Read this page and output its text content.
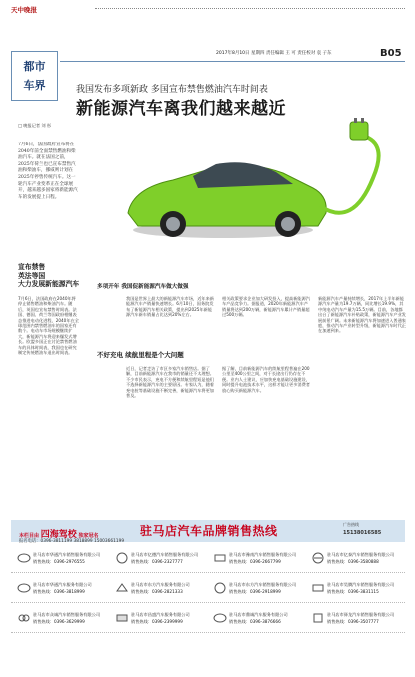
天中晚报
2017年8月10日 星期四 责任编辑 王 可 责任校对 袁 子东	B05
都市
车界	我国发布多项新政 多国宣布禁售燃油汽车时间表
新能源汽车离我们越来越近
□ 晚报记者 刘 彤
7月6日，法国政府宣布将在2040年前全面禁售燃油和柴油汽车。就在法国之前，2025年荷兰也已宣布禁售汽油和柴油车，挪威则计划在2025年停售传统汽车。这一轮汽车产业变革正在全球展开，越来越多国家将新能源汽车的发展提上日程。
宣布禁售
英法等国
大力发展新能源汽车
7月6日，法国政府在2040年将停止销售燃油和柴油汽车。随后，英国也宣布禁售时间表。法国、德国、荷兰等国政府相继表态推进电动化进程，2040年在全球范围内禁售燃油车的国家还有数个。电动车市场规模继续扩大，新能源汽车将迎来爆发式增长。欧盟多国正在讨论禁售燃油车的具体时间表，我国也在研究制定传统燃油车退出时间表。
多项开年 我国促新能源汽车做大做强
我国是世界上最大的新能源汽车市场，近年来新能源汽车产销量快速增长。6月10日，国务院发布了新能源汽车相关政策，提出到2025年新能源汽车新车销量占比达到20%左右。
相关政策要求企业加大研发投入，提高新能源汽车产品竞争力。据报道，2020年新能源汽车产销量将达到200万辆，新能源汽车累计产销量超过500万辆。
新能源汽车产量持续增长，2017年上半年新能源汽车产量为19.7万辆，同比增长19.9%，其中纯电动汽车产量为15.5万辆。目前，各地都出台了新能源汽车补贴政策，新能源汽车产业发展前景广阔。未来新能源汽车将加速进入普通家庭，推动汽车产业转型升级，新能源汽车时代正在加速到来。
不好充电 续航里程是个大问题
近日，记者走访了市区多家汽车销售店。据了解，目前新能源汽车在我市的销量还不太理想。不少市民表示，充电不方便和续航里程短是他们不选择新能源汽车的主要原因。专家认为，随着充电桩等基础设施不断完善，新能源汽车将更加普及。
据了解，目前新能源汽车的续航里程普遍在200公里至400公里之间，对于长途出行仍存在不便。业内人士建议，应加快充电基础设施建设，同时提升电池技术水平，这样才能让更多消费者放心购买新能源汽车。
本栏目由 四海驾校 独家冠名	驻马店汽车品牌销售热线	广告热线
15138016585
报名电话：0396-3811199 3818899 15003661199
驻马店市华通汽车销售服务有限公司
销售热线：0396-2976555
驻马店市亿德汽车销售服务有限公司
销售热线：0396-2327777
驻马店市豫南汽车销售服务有限公司
销售热线：0396-2667799
驻马店市亿泰汽车销售服务有限公司
销售热线：0396-3580888
驻马店市华通汽车服务有限公司
销售热线：0396-3818999
驻马店市东方汽车服务有限公司
销售热线：0396-2821333
驻马店市东方汽车销售服务有限公司
销售热线：0396-2918999
驻马店市昊腾汽车销售服务有限公司
销售热线：0396-3831115
驻马店市众诚汽车销售服务有限公司
销售热线：0396-3629999
驻马店市昌盛汽车服务有限公司
销售热线：0396-2399999
驻马店市鼎诚汽车服务有限公司
销售热线：0396-3876666
驻马店市驿龙汽车销售服务有限公司
销售热线：0396-3507777
